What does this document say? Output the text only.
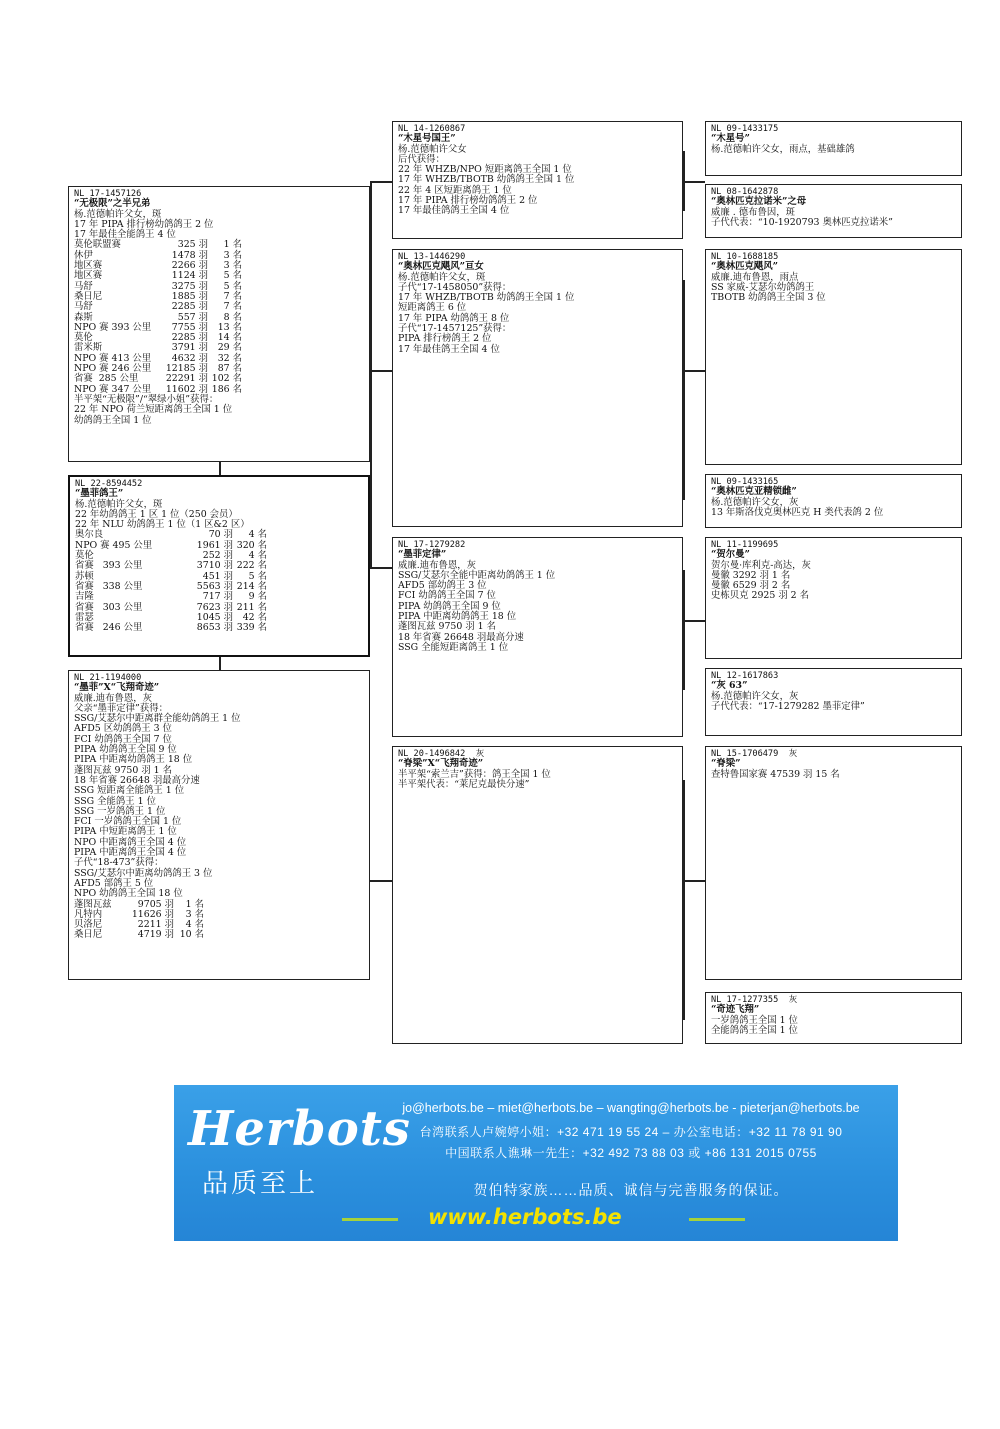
NL 17-1457126
“无极限”之半兄弟
杨.范德帕许父女，斑
17 年 PIPA 排行榜幼鸽鸽王 2 位
17 年最佳全能鸽王 4 位
莫伦联盟赛	325 羽 1 名
休伊	1478 羽 3 名
地区赛	2266 羽 3 名
地区赛	1124 羽 5 名
马舒	3275 羽 5 名
桑日尼	1885 羽 7 名
马舒	2285 羽 7 名
森斯	557 羽 8 名
NPO 赛 393 公里 7755 羽 13 名
莫伦	2285 羽 14 名
雷米斯	3791 羽 29 名
NPO 赛 413 公里 4632 羽 32 名
NPO 赛 246 公里 12185 羽 87 名
省赛  285 公里	22291 羽 102 名
NPO 赛 347 公里 11602 羽 186 名
半平架“无极限”/“翠绿小姐”获得：
22 年 NPO 荷兰短距离鸽王全国 1 位
幼鸽鸽王全国 1 位
NL 22-8594452
“墨菲鸽王”
杨.范德帕许父女，斑
22 年幼鸽鸽王 1 区 1 位（250 会员）
22 年 NLU 幼鸽鸽王 1 位（1 区&2 区）
奥尔良	70 羽 4 名
NPO 赛 495 公里	1961 羽 320 名
莫伦	252 羽 4 名
省赛   393 公里	3710 羽 222 名
苏顿	451 羽 5 名
省赛   338 公里	5563 羽 214 名
吉隆	717 羽 9 名
省赛   303 公里	7623 羽 211 名
雷瑟	1045 羽 42 名
省赛   246 公里	8653 羽 339 名
NL 21-1194000
“墨菲”X“飞翔奇迹”
威廉.迪布鲁恩，灰
父亲“墨菲定律”获得：
SSG/艾瑟尔中距离群全能幼鸽鸽王 1 位
AFD5 区幼鸽鸽王 3 位
FCI 幼鸽鸽王全国 7 位
PIPA 幼鸽鸽王全国 9 位
PIPA 中距离幼鸽鸽王 18 位
蓬图瓦兹 9750 羽 1 名
18 年省赛 26648 羽最高分速
SSG 短距离全能鸽王 1 位
SSG 全能鸽王 1 位
SSG 一岁鸽鸽王 1 位
FCI 一岁鸽鸽王全国 1 位
PIPA 中短距离鸽王 1 位
NPO 中距离鸽王全国 4 位
PIPA 中距离鸽王全国 4 位
子代“18-473”获得：
SSG/艾瑟尔中距离幼鸽鸽王 3 位
AFD5 部鸽王 5 位
NPO 幼鸽鸽王全国 18 位
蓬图瓦兹	9705 羽 1 名
凡特内	11626 羽 3 名
贝洛尼	2211 羽 4 名
桑日尼	4719 羽 10 名
NL 14-1260867
“木星号国王”
杨.范德帕许父女
后代获得：
22 年 WHZB/NPO 短距离鸽王全国 1 位
17 年 WHZB/TBOTB 幼鸽鸽王全国 1 位
22 年 4 区短距离鸽王 1 位
17 年 PIPA 排行榜幼鸽鸽王 2 位
17 年最佳鸽鸽王全国 4 位
NL 13-1446290
“奥林匹克飓风”亘女
杨.范德帕许父女，斑
子代“17-1458050”获得：
17 年 WHZB/TBOTB 幼鸽鸽王全国 1 位
短距离鸽王 6 位
17 年 PIPA 幼鸽鸽王 8 位
子代“17-1457125”获得：
PIPA 排行榜鸽王 2 位
17 年最佳鸽王全国 4 位
NL 17-1279282
“墨菲定律”
威廉.迪布鲁恩，灰
SSG/艾瑟尔全能中距离幼鸽鸽王 1 位
AFD5 部幼鸽王 3 位
FCI 幼鸽鸽王全国 7 位
PIPA 幼鸽鸽王全国 9 位
PIPA 中距离幼鸽鸽王 18 位
蓬图瓦兹 9750 羽 1 名
18 年省赛 26648 羽最高分速
SSG 全能短距离鸽王 1 位
NL 20-1496842  灰
“脊梁”X“飞翔奇迹”
半平架“索兰吉”获得：鸽王全国 1 位
半平架代表：“莱尼克最快分速”
NL 09-1433175
“木星号”
杨.范德帕许父女，雨点，基础雄鸽
NL 08-1642878
“奥林匹克拉诺米”之母
威廉 . 德布鲁因，斑
子代代表：“10-1920793 奥林匹克拉诺米”
NL 10-1688185
“奥林匹克飓风”
威廉.迪布鲁恩，雨点
SS 家威-艾瑟尔幼鸽鸽王
TBOTB 幼鸽鸽王全国 3 位
NL 09-1433165
“奥林匹克亚精锁雌”
杨.范德帕许父女，灰
13 年斯洛伐克奥林匹克 H 类代表鸽 2 位
NL 11-1199695
“贺尔曼”
贺尔曼·库利克-高达，灰
曼徽 3292 羽 1 名
曼徽 6529 羽 2 名
史栋贝克 2925 羽 2 名
NL 12-1617863
“灰 63”
杨.范德帕许父女，灰
子代代表：“17-1279282 墨菲定律”
NL 15-1706479  灰
“脊梁”
查特鲁国家赛 47539 羽 15 名
NL 17-1277355  灰
“奇迹飞翔”
一岁鸽鸽王全国 1 位
全能鸽鸽王全国 1 位
Herbots
品质至上
jo@herbots.be – miet@herbots.be – wangting@herbots.be - pieterjan@herbots.be
台湾联系人卢婉婷小姐：+32 471 19 55 24 – 办公室电话：+32 11 78 91 90
中国联系人谯琳一先生：+32 492 73 88 03 或 +86 131 2015 0755
贺伯特家族……品质、诚信与完善服务的保证。
www.herbots.be
